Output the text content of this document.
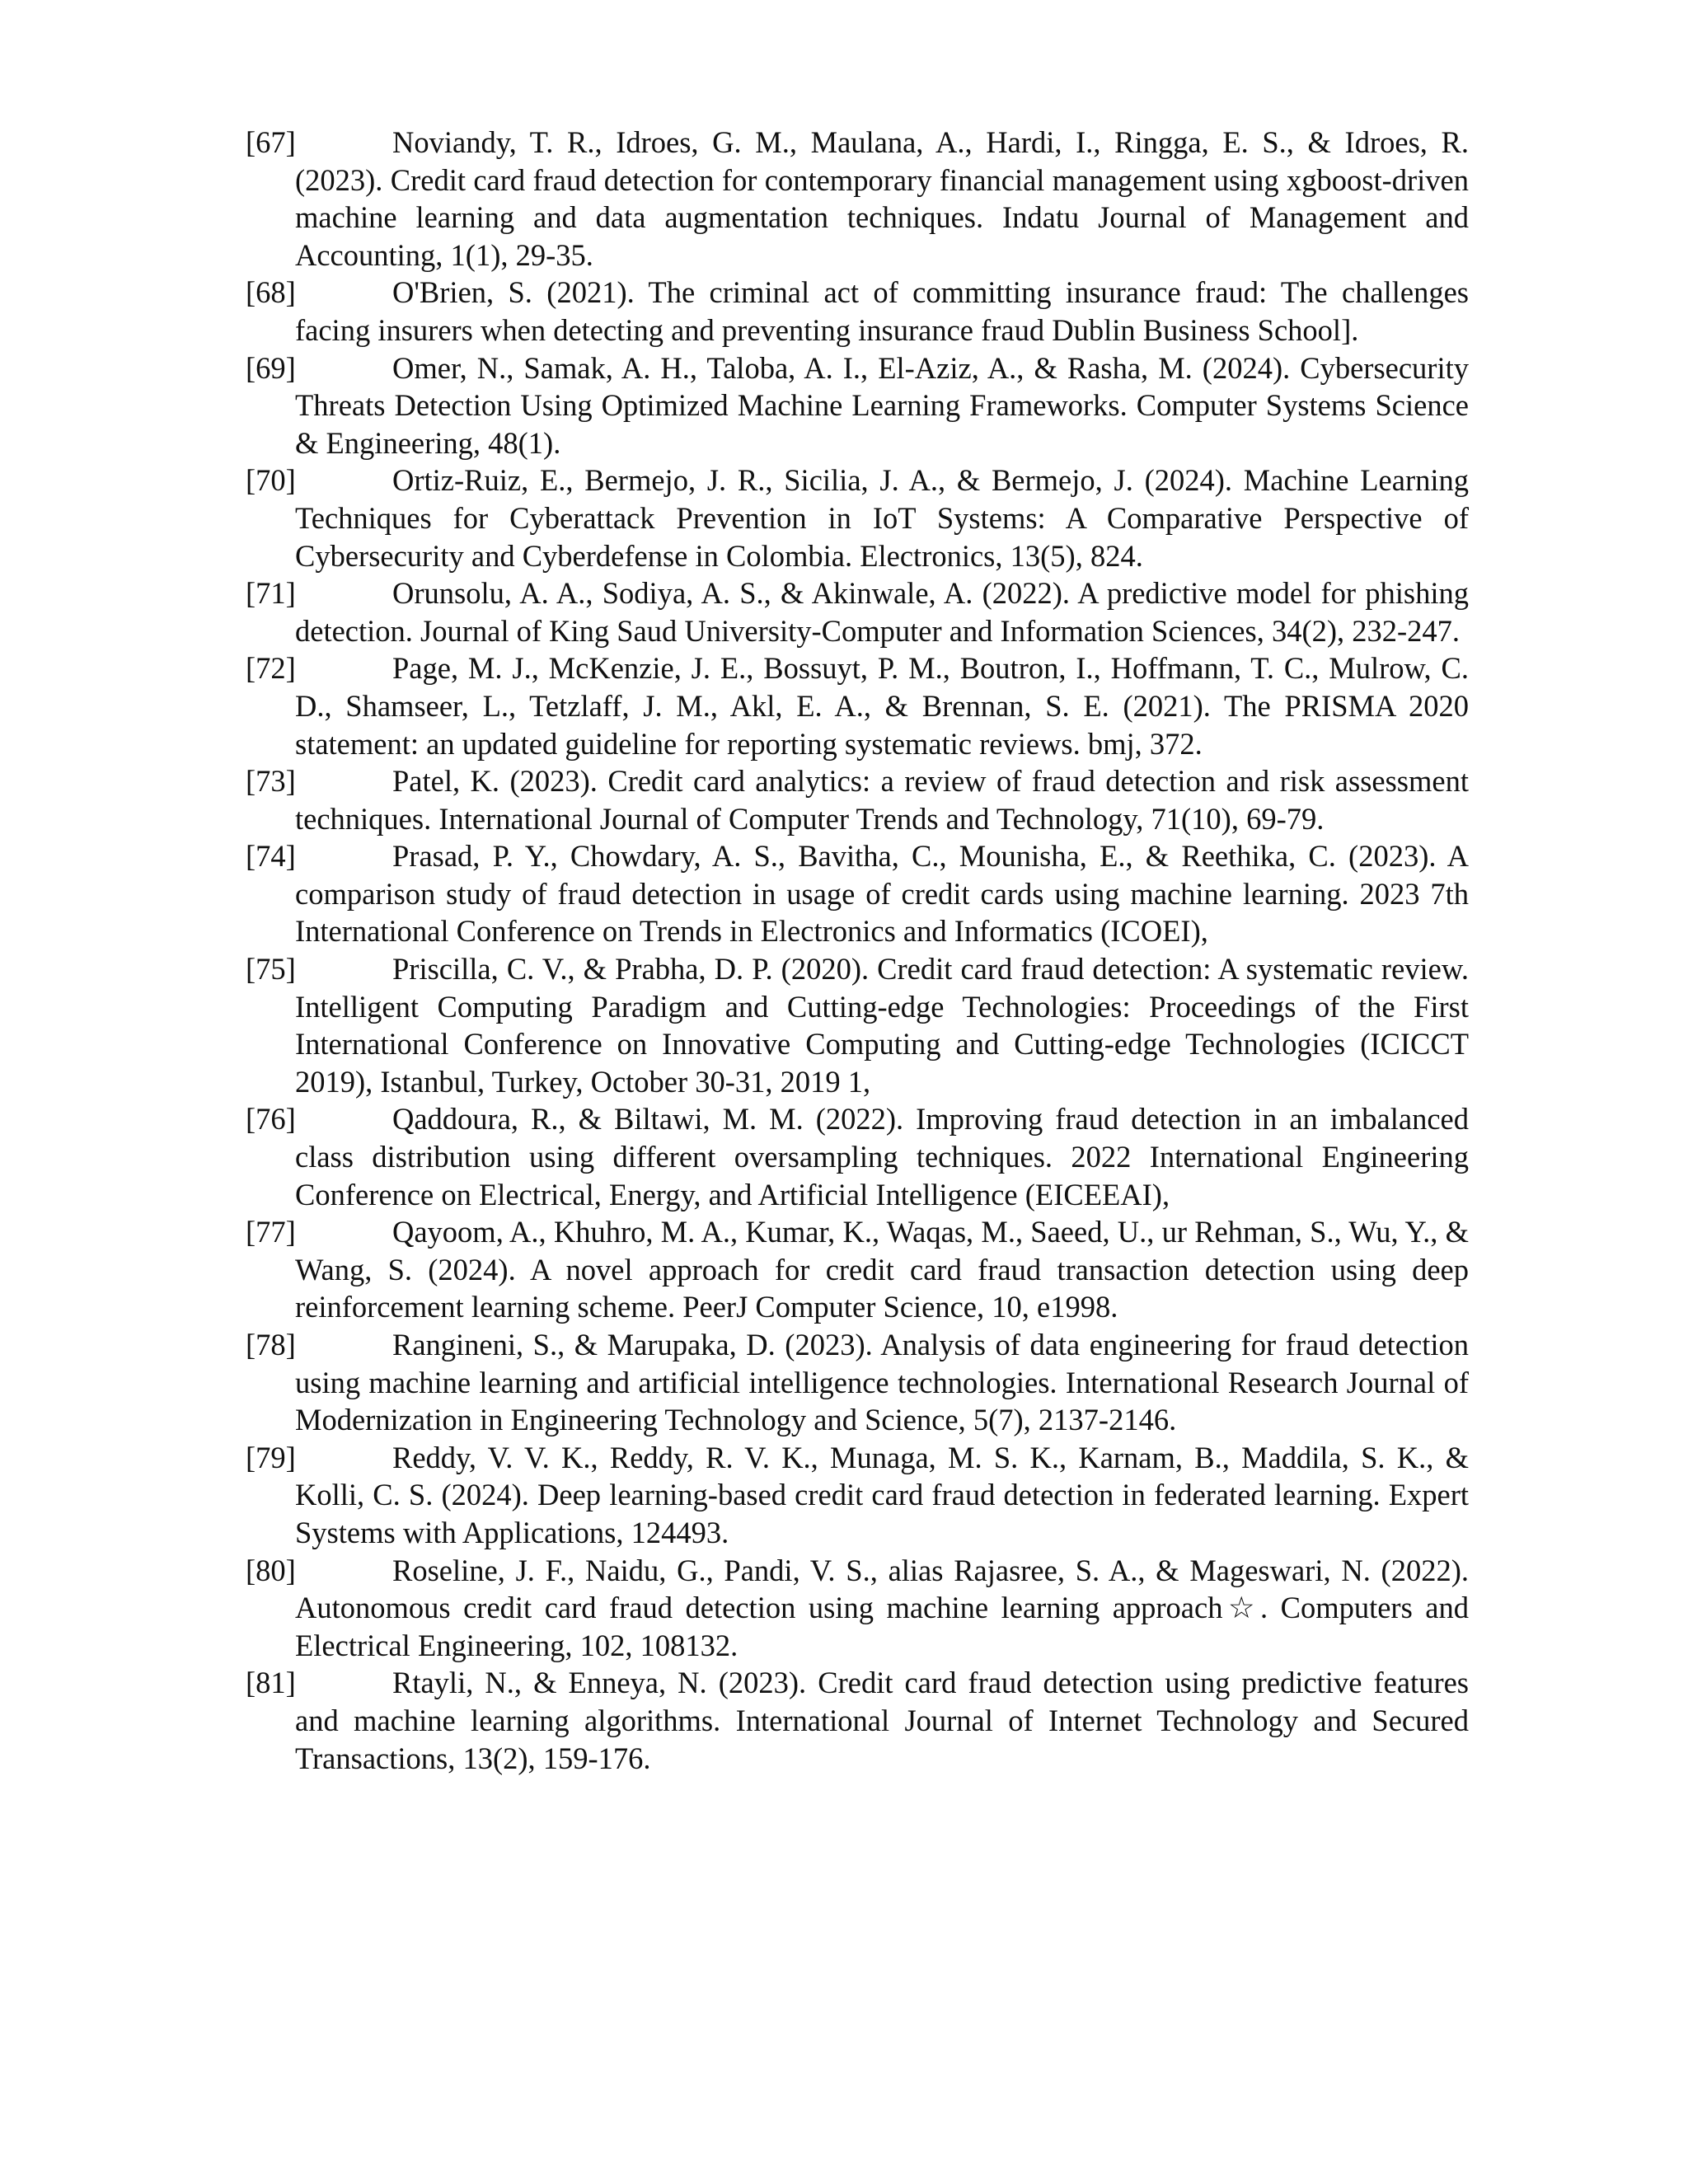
[67]	Noviandy, T. R., Idroes, G. M., Maulana, A., Hardi, I., Ringga, E. S., & Idroes, R. (2023). Credit card fraud detection for contemporary financial management using xgboost-driven machine learning and data augmentation techniques. Indatu Journal of Management and Accounting, 1(1), 29-35.
[68]	O'Brien, S. (2021). The criminal act of committing insurance fraud: The challenges facing insurers when detecting and preventing insurance fraud Dublin Business School].
[69]	Omer, N., Samak, A. H., Taloba, A. I., El-Aziz, A., & Rasha, M. (2024). Cybersecurity Threats Detection Using Optimized Machine Learning Frameworks. Computer Systems Science & Engineering, 48(1).
[70]	Ortiz-Ruiz, E., Bermejo, J. R., Sicilia, J. A., & Bermejo, J. (2024). Machine Learning Techniques for Cyberattack Prevention in IoT Systems: A Comparative Perspective of Cybersecurity and Cyberdefense in Colombia. Electronics, 13(5), 824.
[71]	Orunsolu, A. A., Sodiya, A. S., & Akinwale, A. (2022). A predictive model for phishing detection. Journal of King Saud University-Computer and Information Sciences, 34(2), 232-247.
[72]	Page, M. J., McKenzie, J. E., Bossuyt, P. M., Boutron, I., Hoffmann, T. C., Mulrow, C. D., Shamseer, L., Tetzlaff, J. M., Akl, E. A., & Brennan, S. E. (2021). The PRISMA 2020 statement: an updated guideline for reporting systematic reviews. bmj, 372.
[73]	Patel, K. (2023). Credit card analytics: a review of fraud detection and risk assessment techniques. International Journal of Computer Trends and Technology, 71(10), 69-79.
[74]	Prasad, P. Y., Chowdary, A. S., Bavitha, C., Mounisha, E., & Reethika, C. (2023). A comparison study of fraud detection in usage of credit cards using machine learning. 2023 7th International Conference on Trends in Electronics and Informatics (ICOEI),
[75]	Priscilla, C. V., & Prabha, D. P. (2020). Credit card fraud detection: A systematic review. Intelligent Computing Paradigm and Cutting-edge Technologies: Proceedings of the First International Conference on Innovative Computing and Cutting-edge Technologies (ICICCT 2019), Istanbul, Turkey, October 30-31, 2019 1,
[76]	Qaddoura, R., & Biltawi, M. M. (2022). Improving fraud detection in an imbalanced class distribution using different oversampling techniques. 2022 International Engineering Conference on Electrical, Energy, and Artificial Intelligence (EICEEAI),
[77]	Qayoom, A., Khuhro, M. A., Kumar, K., Waqas, M., Saeed, U., ur Rehman, S., Wu, Y., & Wang, S. (2024). A novel approach for credit card fraud transaction detection using deep reinforcement learning scheme. PeerJ Computer Science, 10, e1998.
[78]	Rangineni, S., & Marupaka, D. (2023). Analysis of data engineering for fraud detection using machine learning and artificial intelligence technologies. International Research Journal of Modernization in Engineering Technology and Science, 5(7), 2137-2146.
[79]	Reddy, V. V. K., Reddy, R. V. K., Munaga, M. S. K., Karnam, B., Maddila, S. K., & Kolli, C. S. (2024). Deep learning-based credit card fraud detection in federated learning. Expert Systems with Applications, 124493.
[80]	Roseline, J. F., Naidu, G., Pandi, V. S., alias Rajasree, S. A., & Mageswari, N. (2022). Autonomous credit card fraud detection using machine learning approach☆. Computers and Electrical Engineering, 102, 108132.
[81]	Rtayli, N., & Enneya, N. (2023). Credit card fraud detection using predictive features and machine learning algorithms. International Journal of Internet Technology and Secured Transactions, 13(2), 159-176.
